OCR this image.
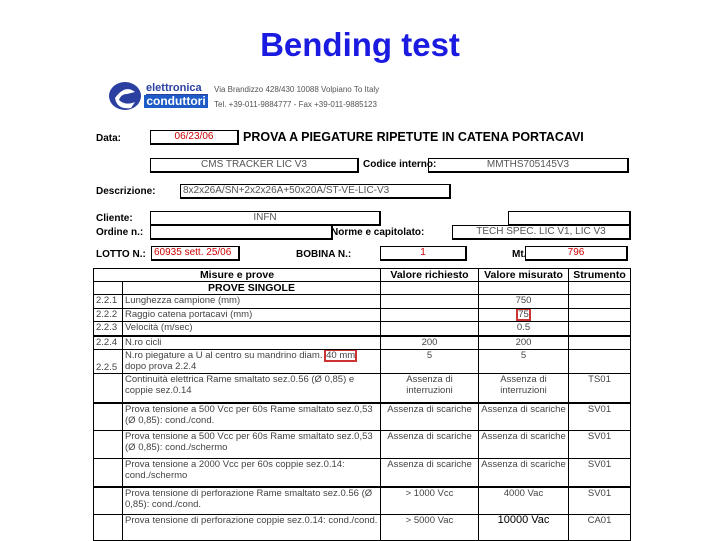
Bending test
elettronica
conduttori
Via Brandizzo 428/430 10088 Volpiano To Italy
Tel. +39-011-9884777 - Fax +39-011-9885123
Data:	06/23/06	PROVA A PIEGATURE RIPETUTE IN CATENA PORTACAVI
CMS TRACKER LIC V3	Codice interno:	MMTHS705145V3
Descrizione:	8x2x26A/SN+2x2x26A+50x20A/ST-VE-LIC-V3
Cliente:	INFN
Ordine n.:	Norme e capitolato:	TECH SPEC. LIC V1, LIC V3
LOTTO N.: 60935 sett. 25/06	BOBINA N.:	1	Mt.	796
Misure e prove		Valore richiesto	Valore misurato	Strumento
	PROVE SINGOLE			
2.2.1	Lunghezza campione (mm)		750	
2.2.2	Raggio catena portacavi (mm)		75	
2.2.3	Velocità (m/sec)		0.5	
2.2.4	N.ro cicli	200	200	
2.2.5	N.ro piegature a U al centro su mandrino diam. 40 mm dopo prova 2.2.4	5	5	
	Continuità elettrica Rame smaltato sez.0.56 (Ø 0,85) e coppie sez.0.14	Assenza di interruzioni	Assenza di interruzioni	TS01
	Prova tensione a 500 Vcc per 60s Rame smaltato sez.0,53 (Ø 0,85): cond./cond.	Assenza di scariche	Assenza di scariche	SV01
	Prova tensione a 500 Vcc per 60s Rame smaltato sez.0,53 (Ø 0,85): cond./schermo	Assenza di scariche	Assenza di scariche	SV01
	Prova tensione a 2000 Vcc per 60s coppie sez.0.14: cond./schermo	Assenza di scariche	Assenza di scariche	SV01
	Prova tensione di perforazione Rame smaltato sez.0.56 (Ø 0,85): cond./cond.	> 1000 Vcc	4000 Vac	SV01
	Prova tensione di perforazione coppie sez.0.14: cond./cond.	> 5000 Vac	10000 Vac	CA01
